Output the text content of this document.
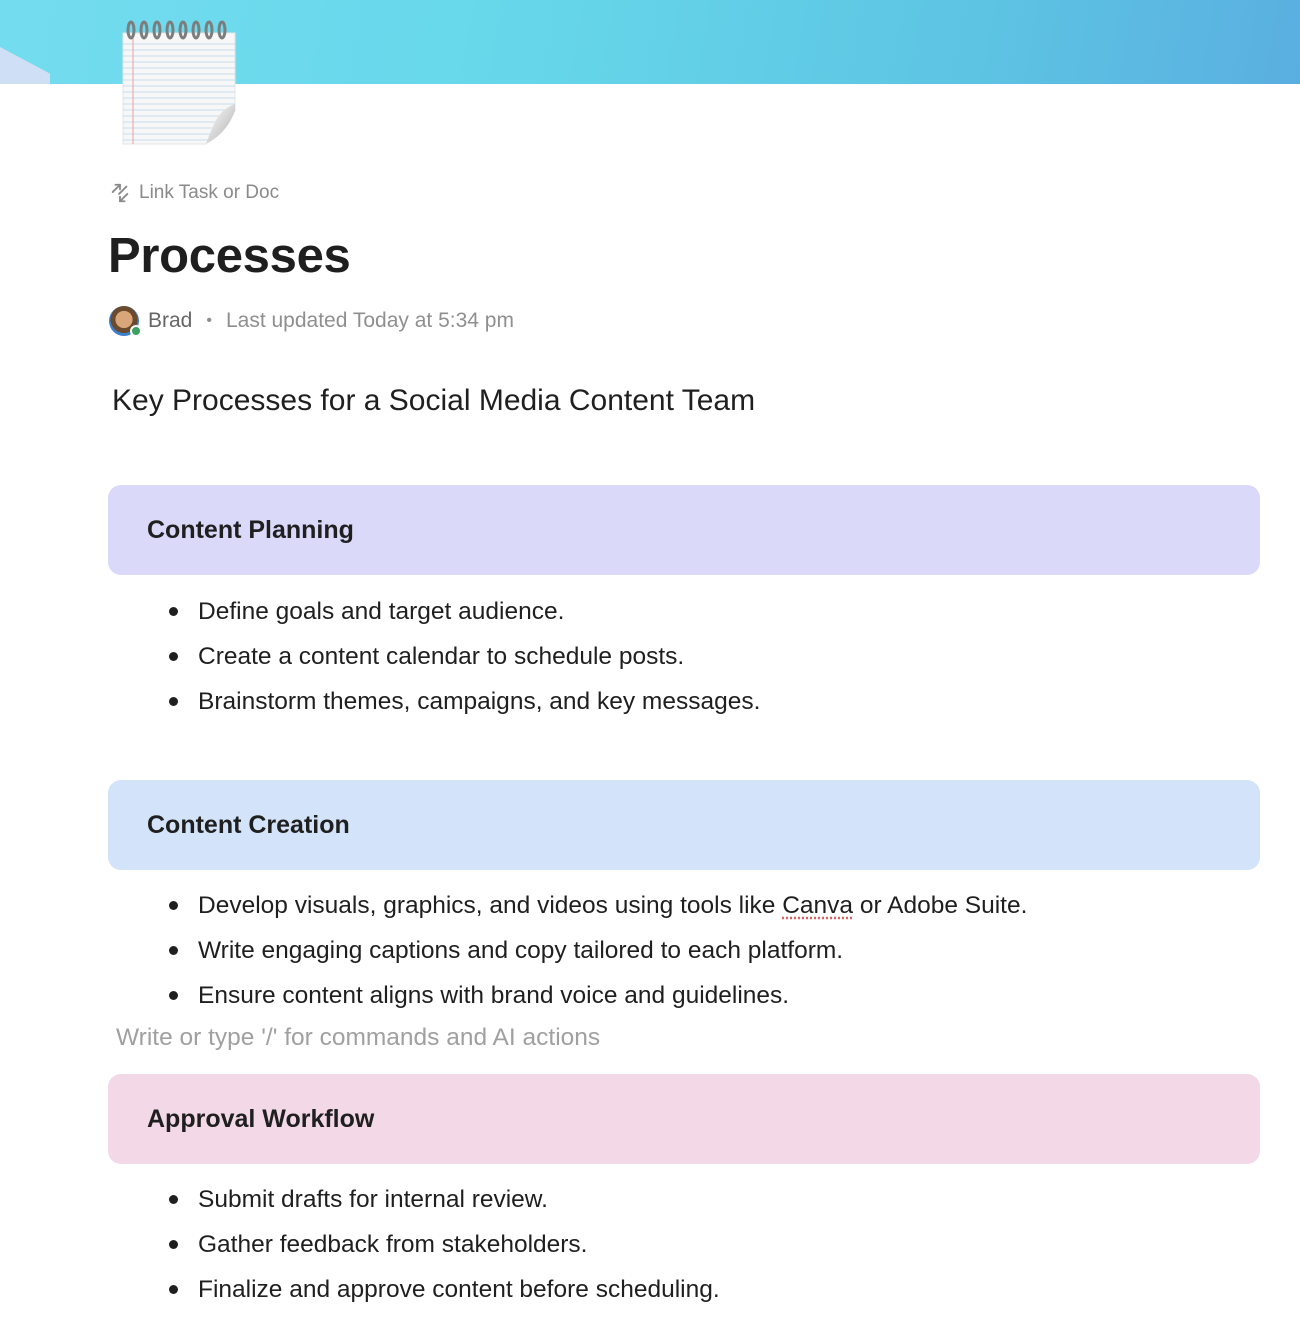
Link Task or Doc
Processes
Brad • Last updated Today at 5:34 pm
Key Processes for a Social Media Content Team
Content Planning
Define goals and target audience.
Create a content calendar to schedule posts.
Brainstorm themes, campaigns, and key messages.
Content Creation
Develop visuals, graphics, and videos using tools like Canva or Adobe Suite.
Write engaging captions and copy tailored to each platform.
Ensure content aligns with brand voice and guidelines.
Write or type '/' for commands and AI actions
Approval Workflow
Submit drafts for internal review.
Gather feedback from stakeholders.
Finalize and approve content before scheduling.
